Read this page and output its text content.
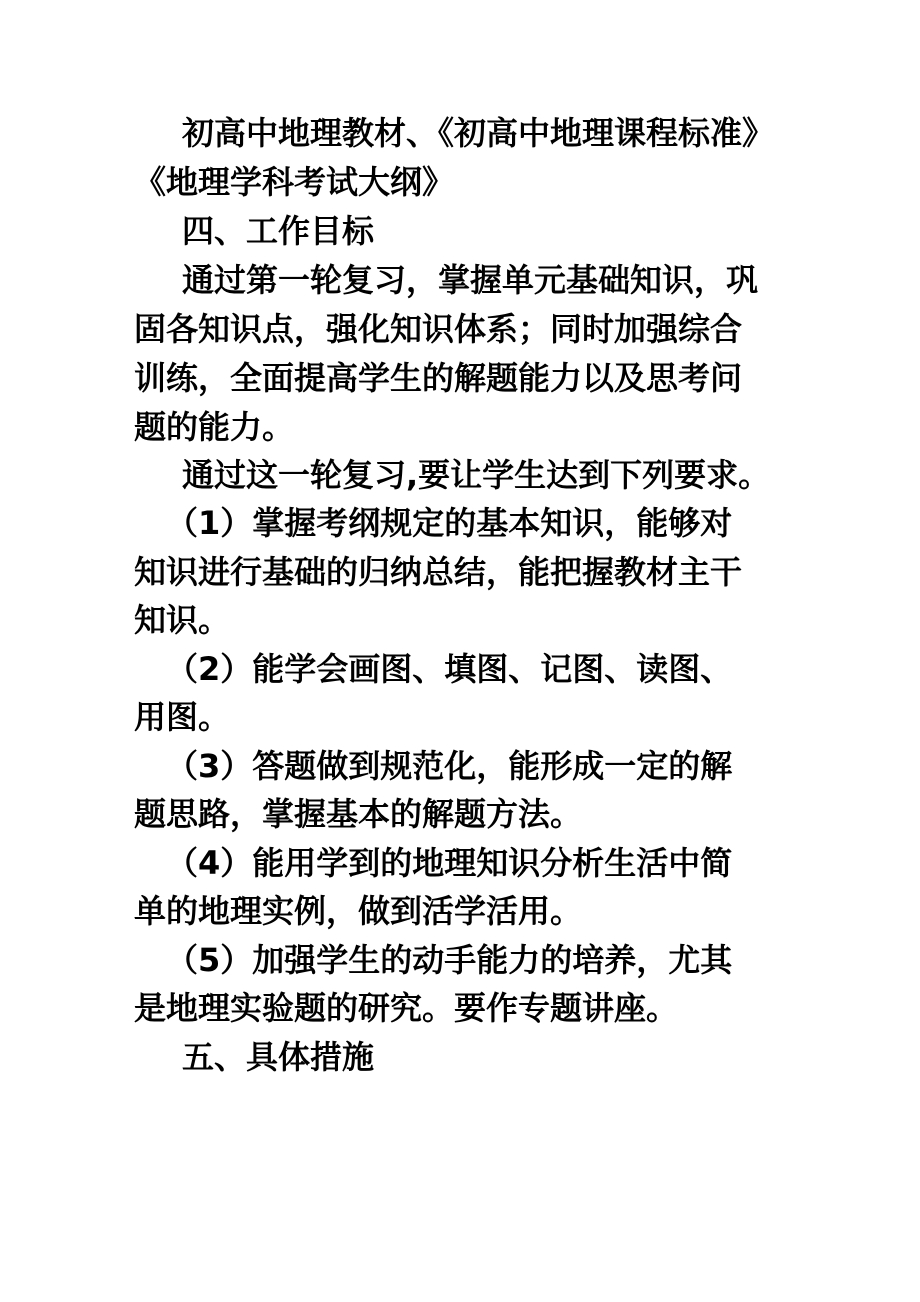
初高中地理教材、《初高中地理课程标准》
《地理学科考试大纲》
四、工作目标
通过第一轮复习，掌握单元基础知识，巩
固各知识点，强化知识体系；同时加强综合
训练，全面提高学生的解题能力以及思考问
题的能力。
通过这一轮复习,要让学生达到下列要求。
（1）掌握考纲规定的基本知识，能够对
知识进行基础的归纳总结，能把握教材主干
知识。
（2）能学会画图、填图、记图、读图、
用图。
（3）答题做到规范化，能形成一定的解
题思路，掌握基本的解题方法。
（4）能用学到的地理知识分析生活中简
单的地理实例，做到活学活用。
（5）加强学生的动手能力的培养，尤其
是地理实验题的研究。要作专题讲座。
五、具体措施
